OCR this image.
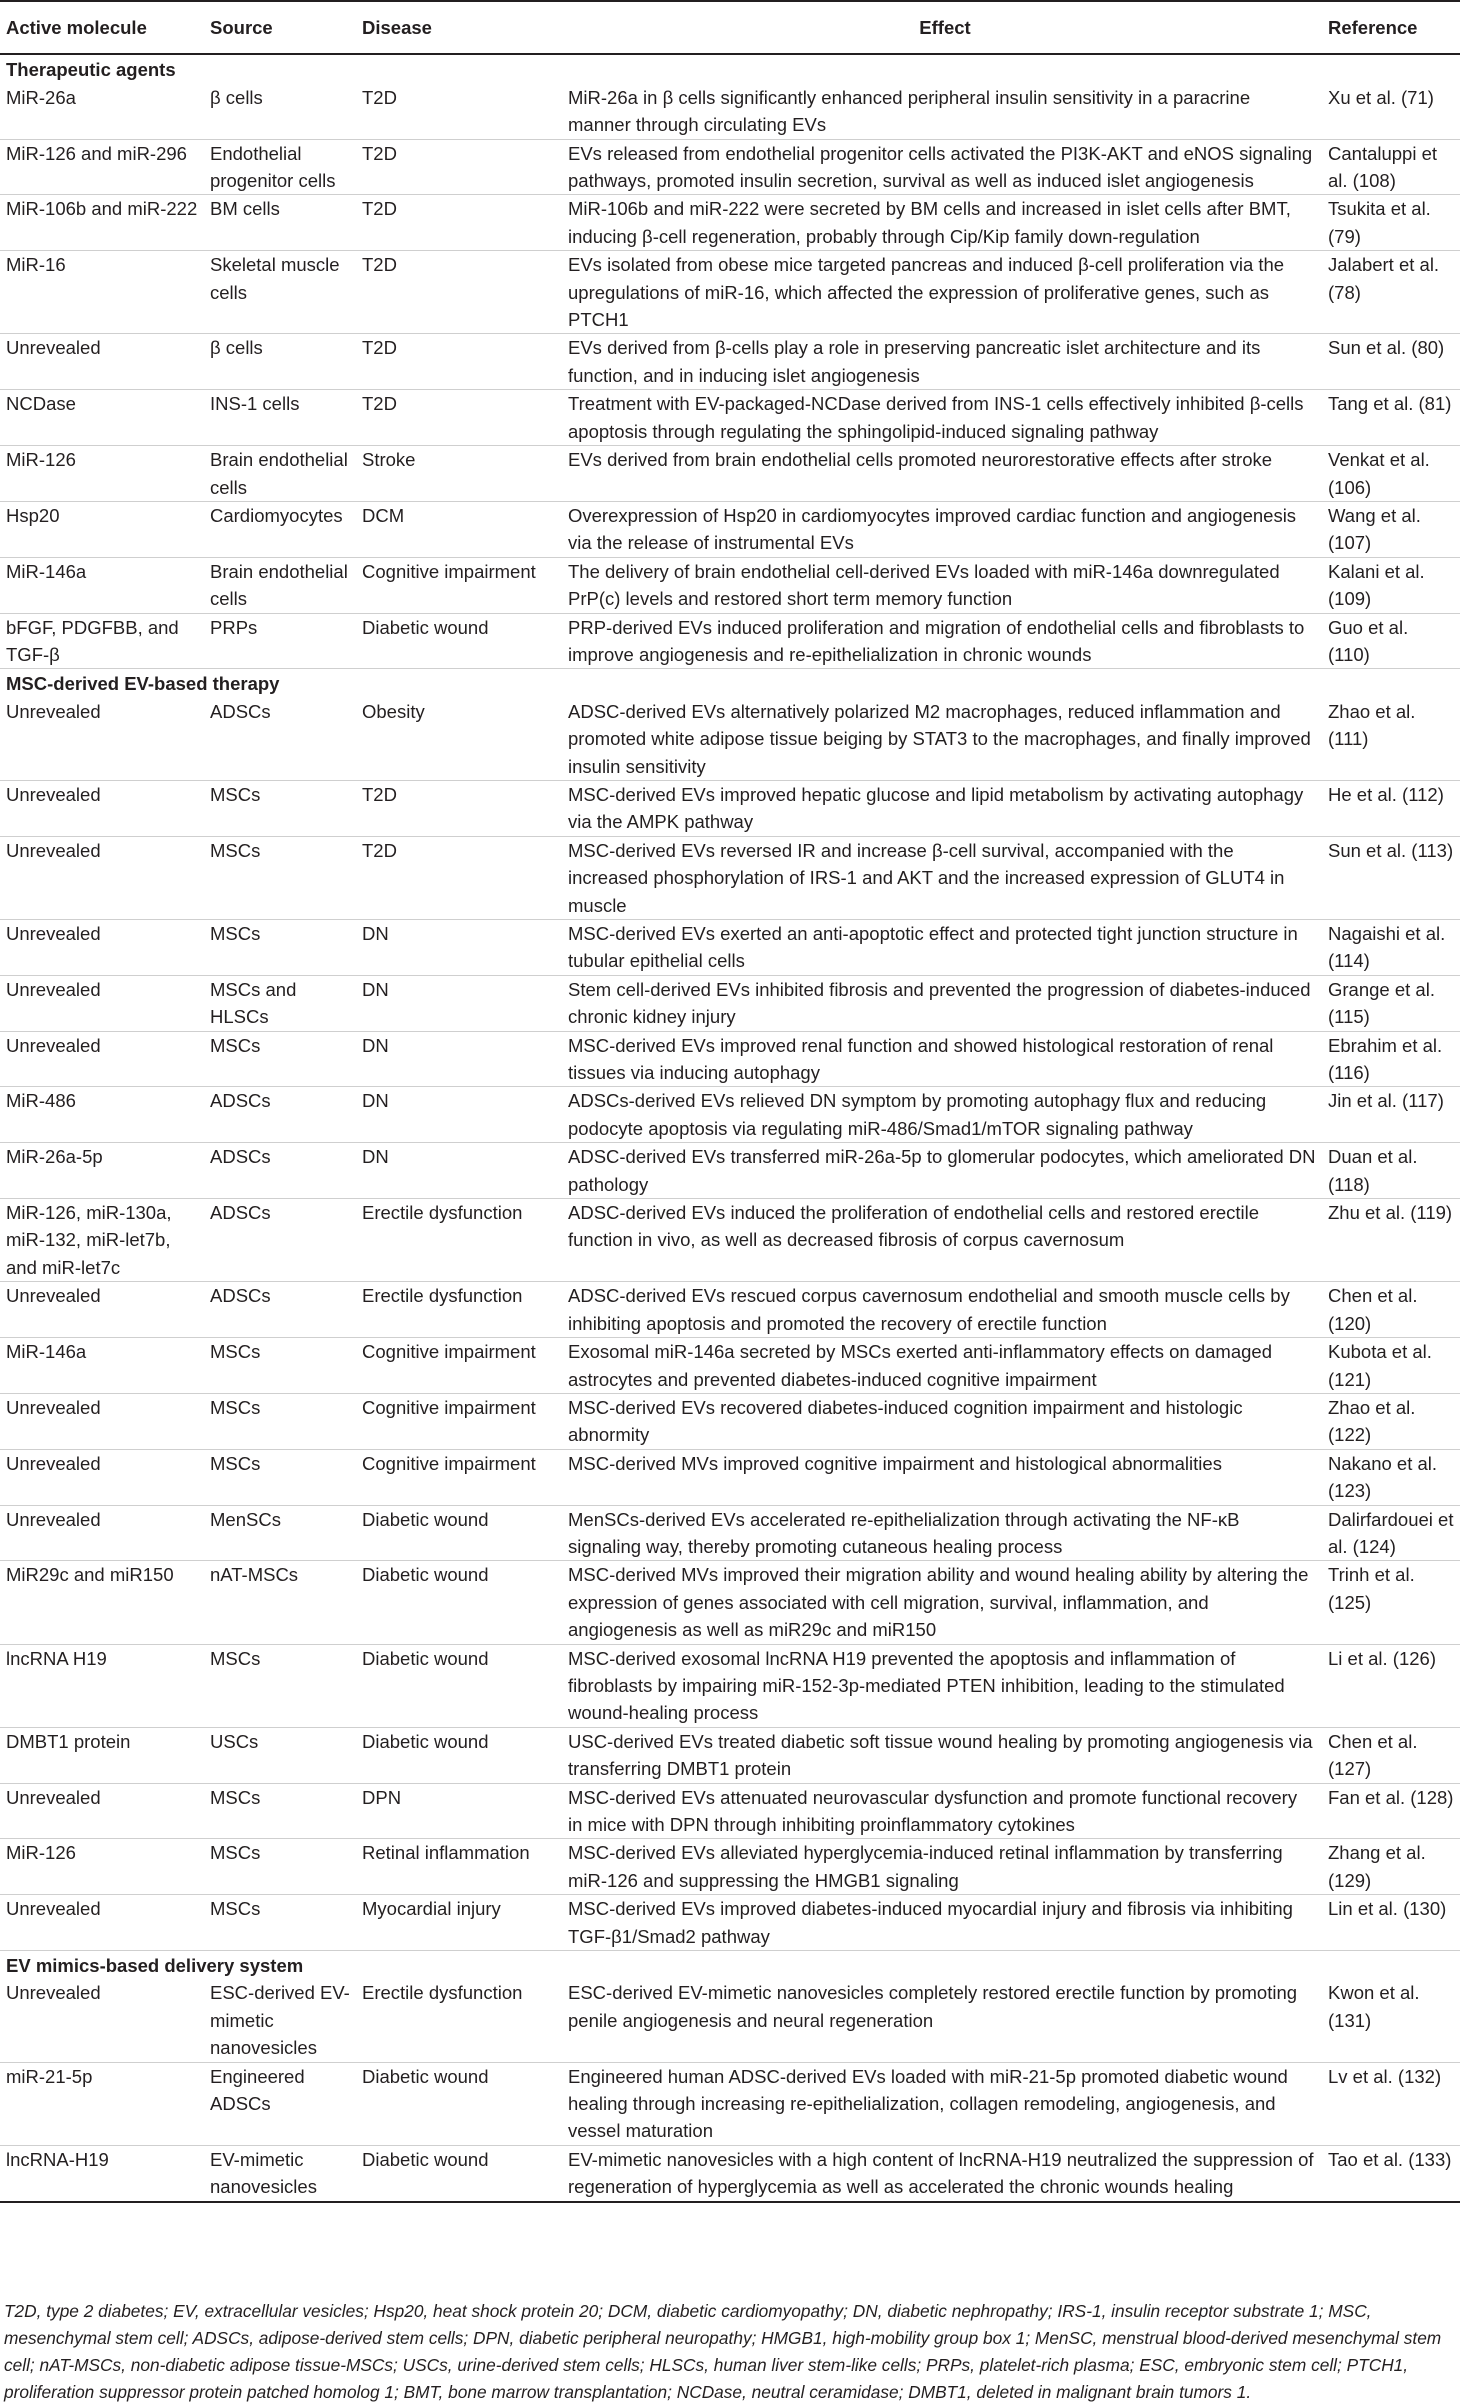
Active molecule	Source	Disease	Effect	Reference
Therapeutic agents				
MiR-26a	β cells	T2D	MiR-26a in β cells significantly enhanced peripheral insulin sensitivity in a paracrine manner through circulating EVs	Xu et al. (71)
MiR-126 and miR-296	Endothelial progenitor cells	T2D	EVs released from endothelial progenitor cells activated the PI3K-AKT and eNOS signaling pathways, promoted insulin secretion, survival as well as induced islet angiogenesis	Cantaluppi et al. (108)
MiR-106b and miR-222	BM cells	T2D	MiR-106b and miR-222 were secreted by BM cells and increased in islet cells after BMT, inducing β-cell regeneration, probably through Cip/Kip family down-regulation	Tsukita et al. (79)
MiR-16	Skeletal muscle cells	T2D	EVs isolated from obese mice targeted pancreas and induced β-cell proliferation via the upregulations of miR-16, which affected the expression of proliferative genes, such as PTCH1	Jalabert et al. (78)
Unrevealed	β cells	T2D	EVs derived from β-cells play a role in preserving pancreatic islet architecture and its function, and in inducing islet angiogenesis	Sun et al. (80)
NCDase	INS-1 cells	T2D	Treatment with EV-packaged-NCDase derived from INS-1 cells effectively inhibited β-cells apoptosis through regulating the sphingolipid-induced signaling pathway	Tang et al. (81)
MiR-126	Brain endothelial cells	Stroke	EVs derived from brain endothelial cells promoted neurorestorative effects after stroke	Venkat et al. (106)
Hsp20	Cardiomyocytes	DCM	Overexpression of Hsp20 in cardiomyocytes improved cardiac function and angiogenesis via the release of instrumental EVs	Wang et al. (107)
MiR-146a	Brain endothelial cells	Cognitive impairment	The delivery of brain endothelial cell-derived EVs loaded with miR-146a downregulated PrP(c) levels and restored short term memory function	Kalani et al. (109)
bFGF, PDGFBB, and TGF-β	PRPs	Diabetic wound	PRP-derived EVs induced proliferation and migration of endothelial cells and fibroblasts to improve angiogenesis and re-epithelialization in chronic wounds	Guo et al. (110)
MSC-derived EV-based therapy				
Unrevealed	ADSCs	Obesity	ADSC-derived EVs alternatively polarized M2 macrophages, reduced inflammation and promoted white adipose tissue beiging by STAT3 to the macrophages, and finally improved insulin sensitivity	Zhao et al. (111)
Unrevealed	MSCs	T2D	MSC-derived EVs improved hepatic glucose and lipid metabolism by activating autophagy via the AMPK pathway	He et al. (112)
Unrevealed	MSCs	T2D	MSC-derived EVs reversed IR and increase β-cell survival, accompanied with the increased phosphorylation of IRS-1 and AKT and the increased expression of GLUT4 in muscle	Sun et al. (113)
Unrevealed	MSCs	DN	MSC-derived EVs exerted an anti-apoptotic effect and protected tight junction structure in tubular epithelial cells	Nagaishi et al. (114)
Unrevealed	MSCs and HLSCs	DN	Stem cell-derived EVs inhibited fibrosis and prevented the progression of diabetes-induced chronic kidney injury	Grange et al. (115)
Unrevealed	MSCs	DN	MSC-derived EVs improved renal function and showed histological restoration of renal tissues via inducing autophagy	Ebrahim et al. (116)
MiR-486	ADSCs	DN	ADSCs-derived EVs relieved DN symptom by promoting autophagy flux and reducing podocyte apoptosis via regulating miR-486/Smad1/mTOR signaling pathway	Jin et al. (117)
MiR-26a-5p	ADSCs	DN	ADSC-derived EVs transferred miR-26a-5p to glomerular podocytes, which ameliorated DN pathology	Duan et al. (118)
MiR-126, miR-130a, miR-132, miR-let7b, and miR-let7c	ADSCs	Erectile dysfunction	ADSC-derived EVs induced the proliferation of endothelial cells and restored erectile function in vivo, as well as decreased fibrosis of corpus cavernosum	Zhu et al. (119)
Unrevealed	ADSCs	Erectile dysfunction	ADSC-derived EVs rescued corpus cavernosum endothelial and smooth muscle cells by inhibiting apoptosis and promoted the recovery of erectile function	Chen et al. (120)
MiR-146a	MSCs	Cognitive impairment	Exosomal miR-146a secreted by MSCs exerted anti-inflammatory effects on damaged astrocytes and prevented diabetes-induced cognitive impairment	Kubota et al. (121)
Unrevealed	MSCs	Cognitive impairment	MSC-derived EVs recovered diabetes-induced cognition impairment and histologic abnormity	Zhao et al. (122)
Unrevealed	MSCs	Cognitive impairment	MSC-derived MVs improved cognitive impairment and histological abnormalities	Nakano et al. (123)
Unrevealed	MenSCs	Diabetic wound	MenSCs-derived EVs accelerated re-epithelialization through activating the NF-κB signaling way, thereby promoting cutaneous healing process	Dalirfardouei et al. (124)
MiR29c and miR150	nAT-MSCs	Diabetic wound	MSC-derived MVs improved their migration ability and wound healing ability by altering the expression of genes associated with cell migration, survival, inflammation, and angiogenesis as well as miR29c and miR150	Trinh et al. (125)
lncRNA H19	MSCs	Diabetic wound	MSC-derived exosomal lncRNA H19 prevented the apoptosis and inflammation of fibroblasts by impairing miR-152-3p-mediated PTEN inhibition, leading to the stimulated wound-healing process	Li et al. (126)
DMBT1 protein	USCs	Diabetic wound	USC-derived EVs treated diabetic soft tissue wound healing by promoting angiogenesis via transferring DMBT1 protein	Chen et al. (127)
Unrevealed	MSCs	DPN	MSC-derived EVs attenuated neurovascular dysfunction and promote functional recovery in mice with DPN through inhibiting proinflammatory cytokines	Fan et al. (128)
MiR-126	MSCs	Retinal inflammation	MSC-derived EVs alleviated hyperglycemia-induced retinal inflammation by transferring miR-126 and suppressing the HMGB1 signaling	Zhang et al. (129)
Unrevealed	MSCs	Myocardial injury	MSC-derived EVs improved diabetes-induced myocardial injury and fibrosis via inhibiting TGF-β1/Smad2 pathway	Lin et al. (130)
EV mimics-based delivery system				
Unrevealed	ESC-derived EV-mimetic nanovesicles	Erectile dysfunction	ESC-derived EV-mimetic nanovesicles completely restored erectile function by promoting penile angiogenesis and neural regeneration	Kwon et al. (131)
miR-21-5p	Engineered ADSCs	Diabetic wound	Engineered human ADSC-derived EVs loaded with miR-21-5p promoted diabetic wound healing through increasing re-epithelialization, collagen remodeling, angiogenesis, and vessel maturation	Lv et al. (132)
lncRNA-H19	EV-mimetic nanovesicles	Diabetic wound	EV-mimetic nanovesicles with a high content of lncRNA-H19 neutralized the suppression of regeneration of hyperglycemia as well as accelerated the chronic wounds healing	Tao et al. (133)

T2D, type 2 diabetes; EV, extracellular vesicles; Hsp20, heat shock protein 20; DCM, diabetic cardiomyopathy; DN, diabetic nephropathy; IRS-1, insulin receptor substrate 1; MSC, mesenchymal stem cell; ADSCs, adipose-derived stem cells; DPN, diabetic peripheral neuropathy; HMGB1, high-mobility group box 1; MenSC, menstrual blood-derived mesenchymal stem cell; nAT-MSCs, non-diabetic adipose tissue-MSCs; USCs, urine-derived stem cells; HLSCs, human liver stem-like cells; PRPs, platelet-rich plasma; ESC, embryonic stem cell; PTCH1, proliferation suppressor protein patched homolog 1; BMT, bone marrow transplantation; NCDase, neutral ceramidase; DMBT1, deleted in malignant brain tumors 1.
